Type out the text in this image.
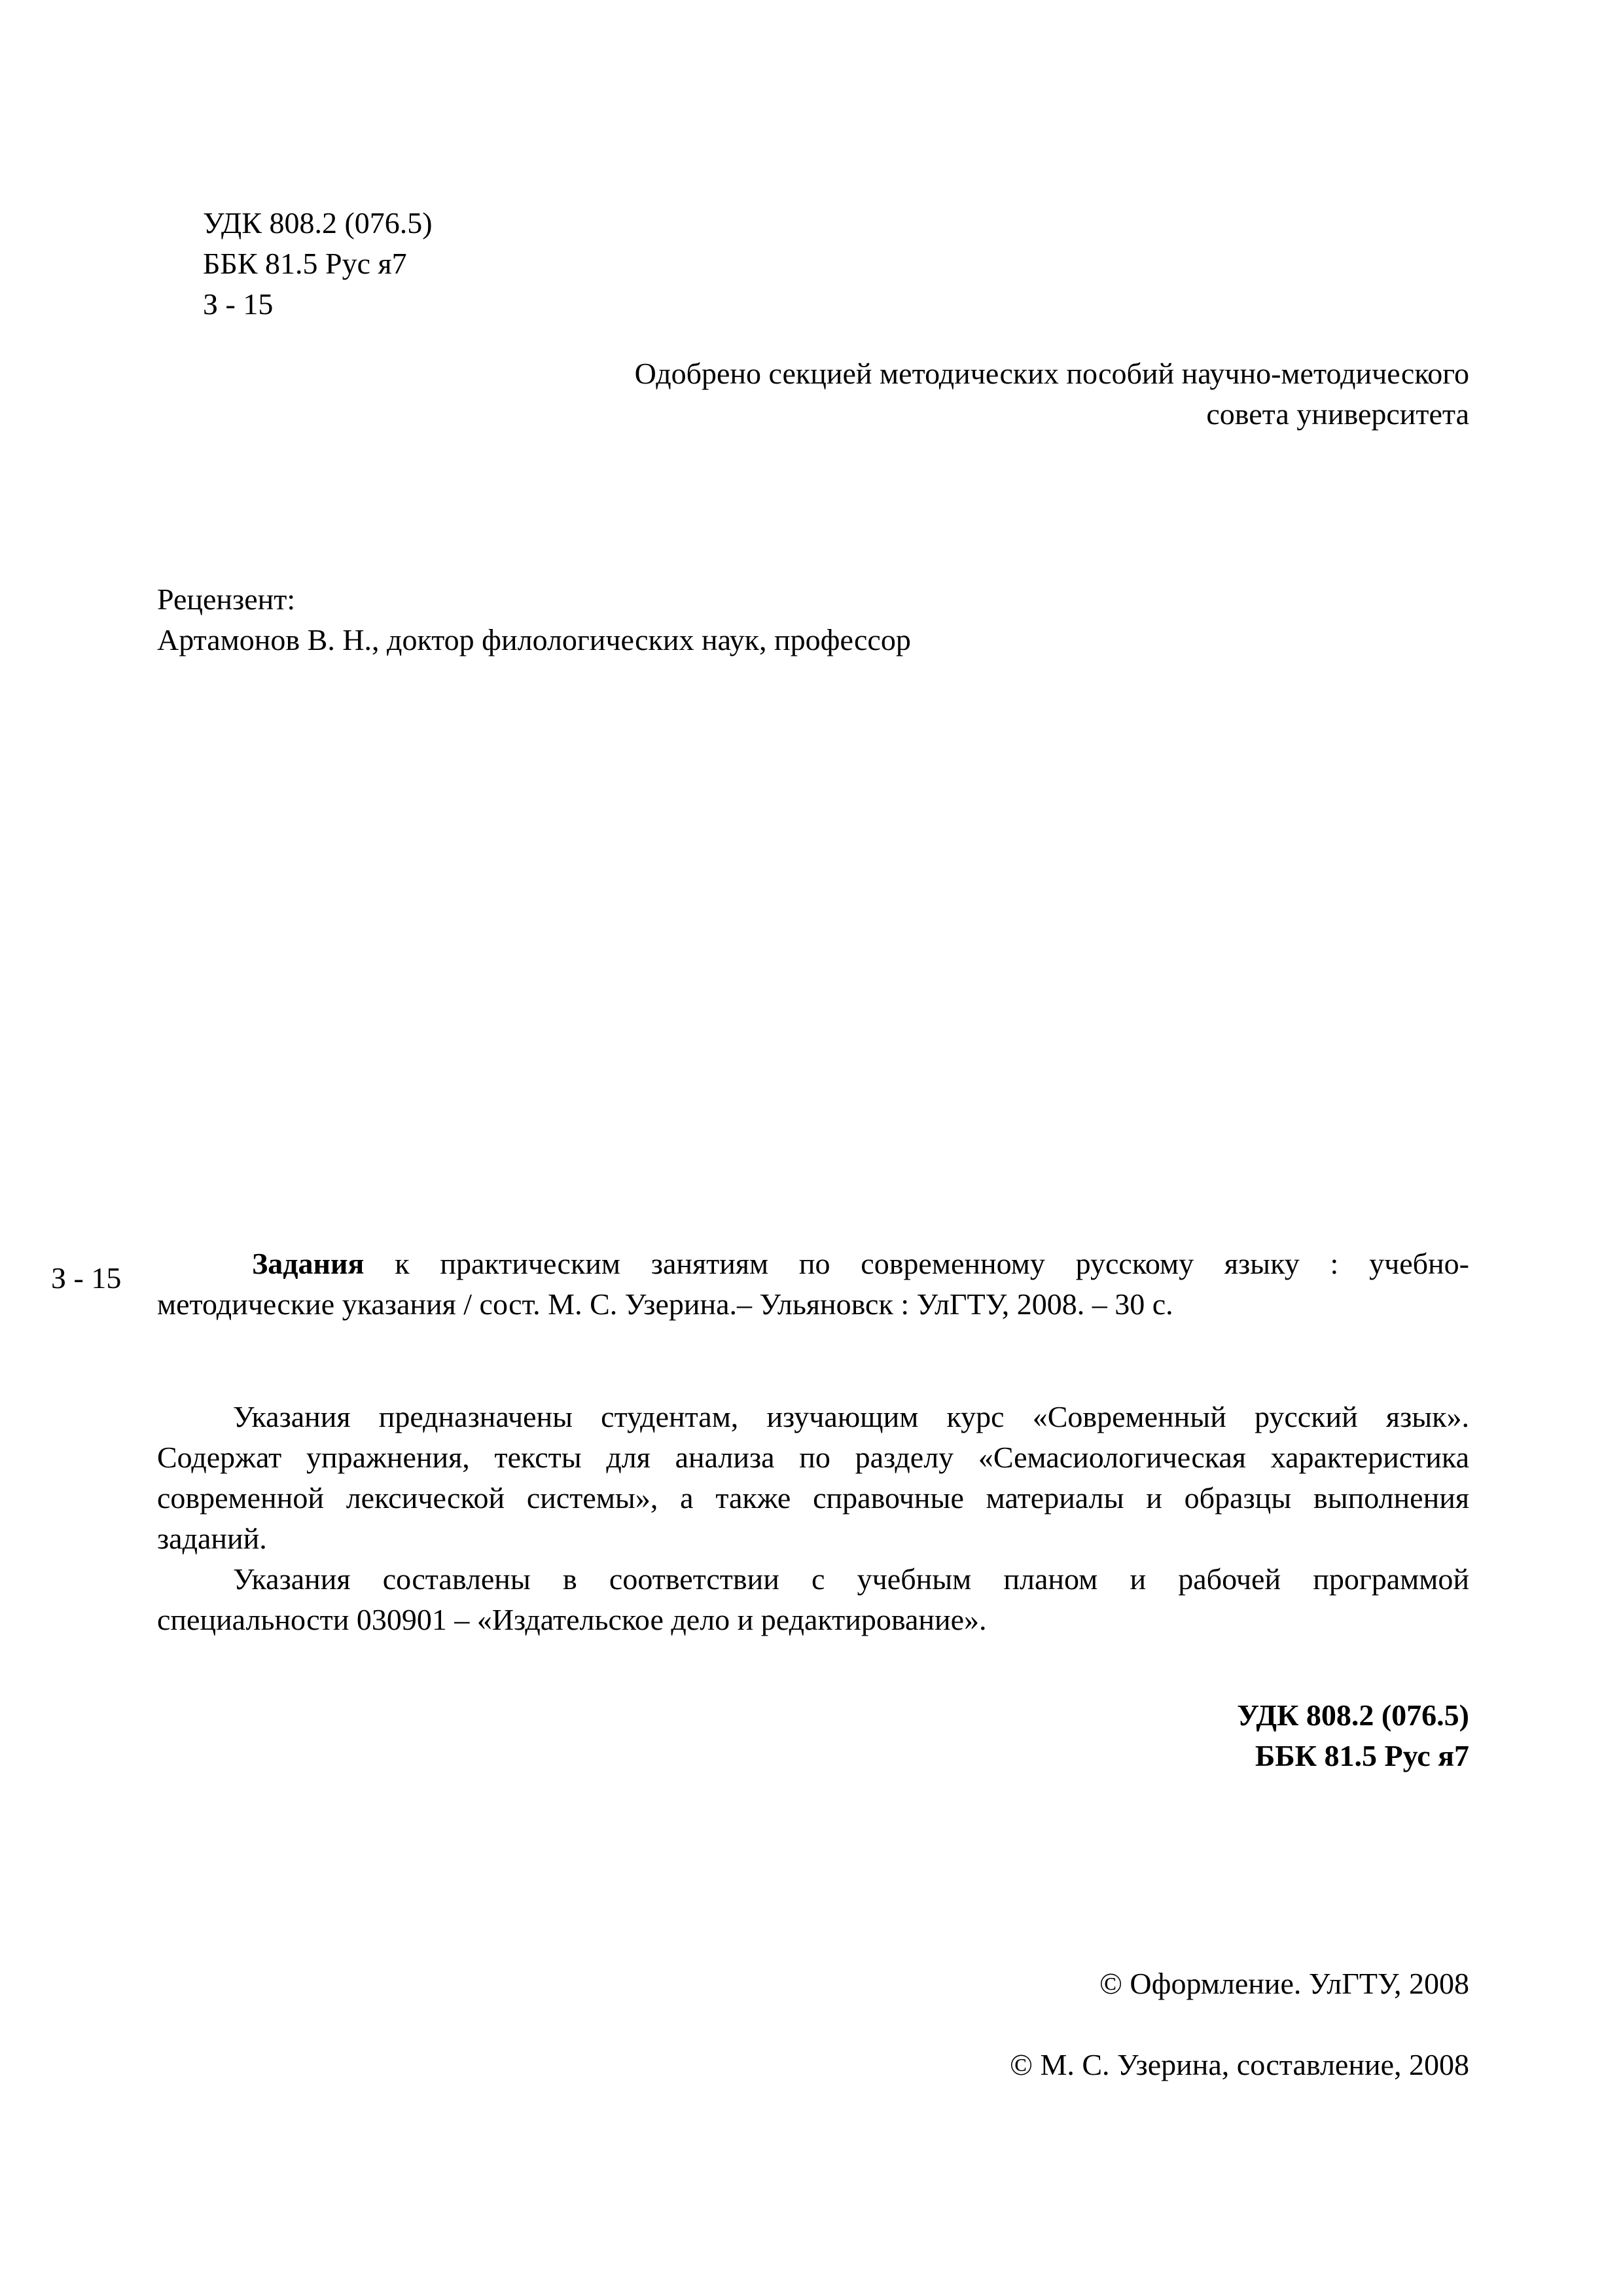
УДК 808.2 (076.5)
ББК 81.5 Рус я7
З - 15
Одобрено секцией методических пособий научно-методического
совета университета
Рецензент:
Артамонов В. Н., доктор филологических наук, профессор
З - 15	Задания к практическим занятиям по современному русскому языку : учебно-

методические указания / сост. М. С. Узерина.– Ульяновск : УлГТУ, 2008. – 30 с.

Указания предназначены студентам, изучающим курс «Современный русский язык».

Содержат упражнения, тексты для анализа по разделу «Семасиологическая характеристика

современной лексической системы», а также справочные материалы и образцы выполнения

заданий.

Указания составлены в соответствии с учебным планом и рабочей программой

специальности 030901 – «Издательское дело и редактирование».

УДК 808.2 (076.5)
ББК 81.5 Рус я7
© Оформление. УлГТУ, 2008
© М. С. Узерина, составление, 2008
